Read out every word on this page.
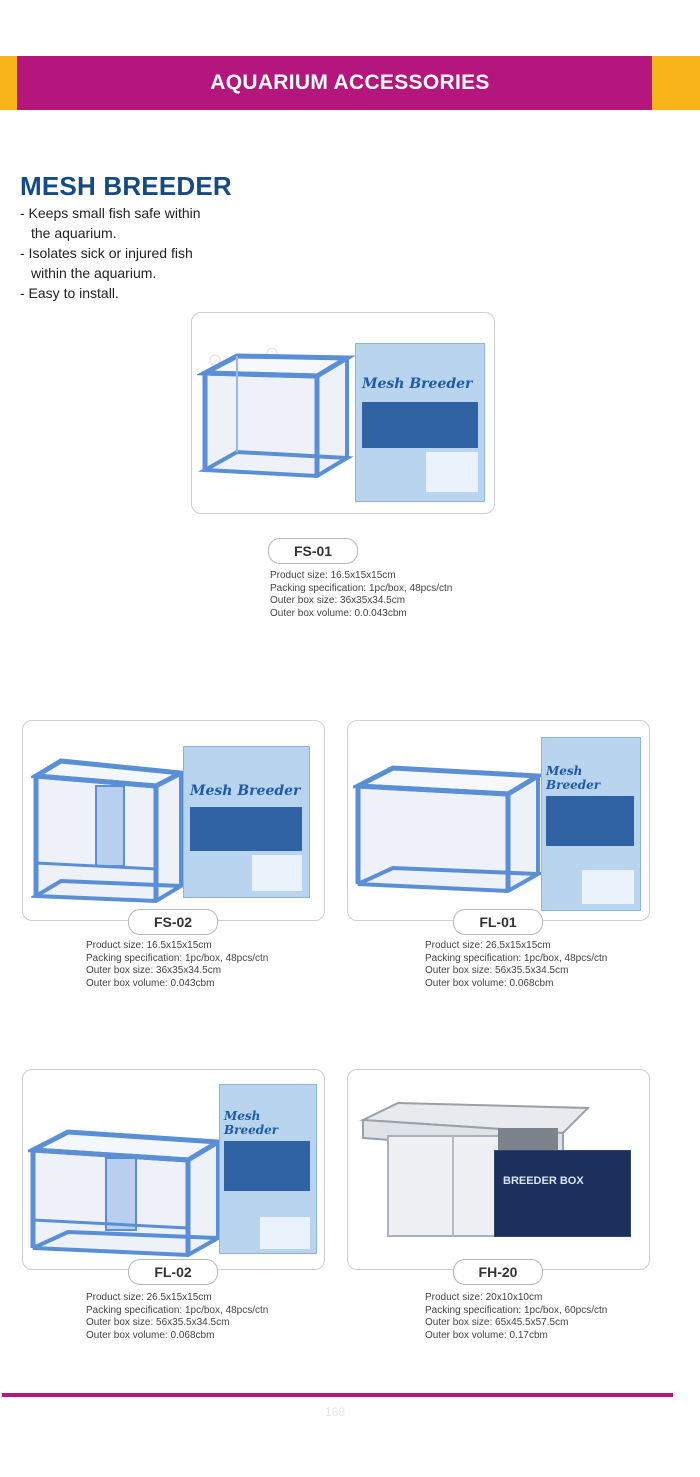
AQUARIUM ACCESSORIES
MESH BREEDER
- Keeps small fish safe within
the aquarium.
- Isolates sick or injured fish
within the aquarium.
- Easy to install.
Mesh Breeder
FS-01
Product size: 16.5x15x15cm
Packing specification: 1pc/box, 48pcs/ctn
Outer box size: 36x35x34.5cm
Outer box volume: 0.0.043cbm
Mesh Breeder
FS-02
Product size: 16.5x15x15cm
Packing specification: 1pc/box, 48pcs/ctn
Outer box size: 36x35x34.5cm
Outer box volume: 0.043cbm
Mesh Breeder
FL-01
Product size: 26.5x15x15cm
Packing specification: 1pc/box, 48pcs/ctn
Outer box size: 56x35.5x34.5cm
Outer box volume: 0.068cbm
Mesh Breeder
FL-02
Product size: 26.5x15x15cm
Packing specification: 1pc/box, 48pcs/ctn
Outer box size: 56x35.5x34.5cm
Outer box volume: 0.068cbm
BREEDER BOX
FH-20
Product size: 20x10x10cm
Packing specification: 1pc/box, 60pcs/ctn
Outer box size: 65x45.5x57.5cm
Outer box volume: 0.17cbm
168
